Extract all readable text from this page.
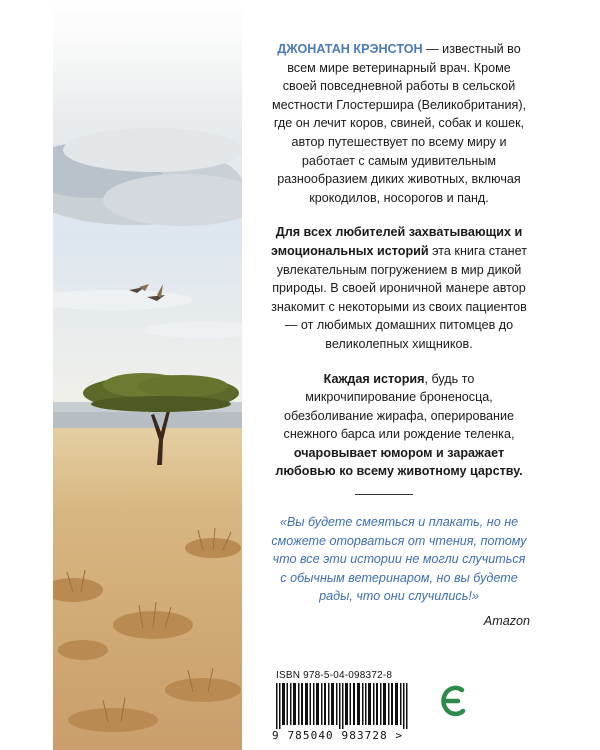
ДЖОНАТАН КРЭНСТОН — известный во всем мире ветеринарный врач. Кроме своей повседневной работы в сельской местности Глостершира (Великобритания), где он лечит коров, свиней, собак и кошек, автор путешествует по всему миру и работает с самым удивительным разнообразием диких животных, включая крокодилов, носорогов и панд.

Для всех любителей захватывающих и эмоциональных историй эта книга станет увлекательным погружением в мир дикой природы. В своей ироничной манере автор знакомит с некоторыми из своих пациентов — от любимых домашних питомцев до великолепных хищников.

Каждая история, будь то микрочипирование броненосца, обезболивание жирафа, оперирование снежного барса или рождение теленка, очаровывает юмором и заражает любовью ко всему животному царству.

«Вы будете смеяться и плакать, но не сможете оторваться от чтения, потому что все эти истории не могли случиться с обычным ветеринаром, но вы будете рады, что они случились!»
Amazon
ISBN 978-5-04-098372-8
9 785040 983728 >
